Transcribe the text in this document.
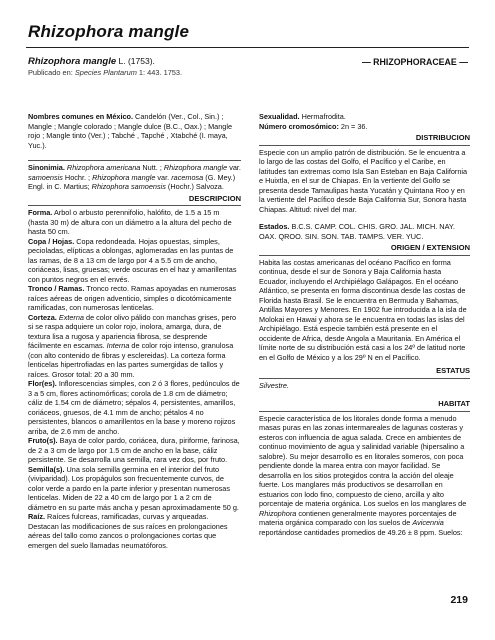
Rhizophora mangle
Rhizophora mangle L. (1753).
Publicado en: Species Plantarum 1: 443. 1753.
— RHIZOPHORACEAE —

Nombres comunes en México. Candelón (Ver., Col., Sin.) ; Mangle ; Mangle colorado ; Mangle dulce (B.C., Oax.) ; Mangle rojo ; Mangle tinto (Ver.) ; Tabché , Tapché , Xtabché (I. maya, Yuc.).

Sinonimia. Rhizophora americana Nutt. ; Rhizophora mangle var. samoensis Hochr. ; Rhizophora mangle var. racemosa (G. Mey.) Engl. in C. Martius; Rhizophora samoensis (Hochr.) Salvoza.

DESCRIPCION

Forma. Arbol o arbusto perennifolio, halófito, de 1.5 a 15 m (hasta 30 m) de altura con un diámetro a la altura del pecho de hasta 50 cm.

Copa / Hojas. Copa redondeada. Hojas opuestas, simples, pecioladas, elípticas a oblongas, aglomeradas en las puntas de las ramas, de 8 a 13 cm de largo por 4 a 5.5 cm de ancho, coriáceas, lisas, gruesas; verde oscuras en el haz y amarillentas con puntos negros en el envés.

Tronco / Ramas. Tronco recto. Ramas apoyadas en numerosas raíces aéreas de origen adventicio, simples o dicotómicamente ramificadas, con numerosas lenticelas.

Corteza. Externa de color olivo pálido con manchas grises, pero si se raspa adquiere un color rojo, inolora, amarga, dura, de textura lisa a rugosa y apariencia fibrosa, se desprende fácilmente en escamas. Interna de color rojo intenso, granulosa (con alto contenido de fibras y esclereidas). La corteza forma lenticelas hipertrofiadas en las partes sumergidas de tallos y raíces. Grosor total: 20 a 30 mm.

Flor(es). Inflorescencias simples, con 2 ó 3 flores, pedúnculos de 3 a 5 cm, flores actinomórficas; corola de 1.8 cm de diámetro; cáliz de 1.54 cm de diámetro; sépalos 4, persistentes, amarillos, coriáceos, gruesos, de 4.1 mm de ancho; pétalos 4 no persistentes, blancos o amarillentos en la base y moreno rojizos arriba, de 2.6 mm de ancho.

Fruto(s). Baya de color pardo, coriácea, dura, piriforme, farinosa, de 2 a 3 cm de largo por 1.5 cm de ancho en la base, cáliz persistente. Se desarrolla una semilla, rara vez dos, por fruto.

Semilla(s). Una sola semilla germina en el interior del fruto (viviparidad). Los propágulos son frecuentemente curvos, de color verde a pardo en la parte inferior y presentan numerosas lenticelas. Miden de 22 a 40 cm de largo por 1 a 2 cm de diámetro en su parte más ancha y pesan aproximadamente 50 g.

Raíz. Raíces fulcreas, ramificadas, curvas y arqueadas. Destacan las modificaciones de sus raíces en prolongaciones aéreas del tallo como zancos o prolongaciones cortas que emergen del suelo llamadas neumatóforos.

Sexualidad. Hermafrodita.

Número cromosómico: 2n = 36.

DISTRIBUCION

Especie con un amplio patrón de distribución. Se le encuentra a lo largo de las costas del Golfo, el Pacífico y el Caribe, en latitudes tan extremas como Isla San Esteban en Baja California e Huixtla, en el sur de Chiapas. En la vertiente del Golfo se presenta desde Tamaulipas hasta Yucatán y Quintana Roo y en la vertiente del Pacífico desde Baja California Sur, Sonora hasta Chiapas. Altitud: nivel del mar.

Estados. B.C.S. CAMP. COL. CHIS. GRO. JAL. MICH. NAY. OAX. QROO. SIN. SON. TAB. TAMPS. VER. YUC.

ORIGEN / EXTENSION

Habita las costas americanas del océano Pacífico en forma continua, desde el sur de Sonora y Baja California hasta Ecuador, incluyendo el Archipiélago Galápagos. En el océano Atlántico, se presenta en forma discontinua desde las costas de Florida hasta Brasil. Se le encuentra en Bermuda y Bahamas, Antillas Mayores y Menores. En 1902 fue introducida a la isla de Molokai en Hawai y ahora se le encuentra en todas las islas del Archipiélago. Está especie también está presente en el occidente de Africa, desde Angola a Mauritania. En América el límite norte de su distribución está casi a los 24º de latitud norte en el Golfo de México y a los 29º N en el Pacífico.

ESTATUS

Silvestre.

HABITAT

Especie característica de los litorales donde forma a menudo masas puras en las zonas intermareales de lagunas costeras y esteros con influencia de agua salada. Crece en ambientes de continuo movimiento de agua y salinidad variable (hipersalino a salobre). Su mejor desarrollo es en litorales someros, con poca pendiente donde la marea entra con mayor facilidad. Se desarrolla en los sitios protegidos contra la acción del oleaje fuerte. Los manglares más productivos se desarrollan en estuarios con lodo fino, compuesto de cieno, arcilla y alto porcentaje de materia orgánica. Los suelos en los manglares de Rhizophora contienen generalmente mayores porcentajes de materia orgánica comparado con los suelos de Avicennia reportándose cantidades promedios de 49.26 ± 8 ppm. Suelos:

219
